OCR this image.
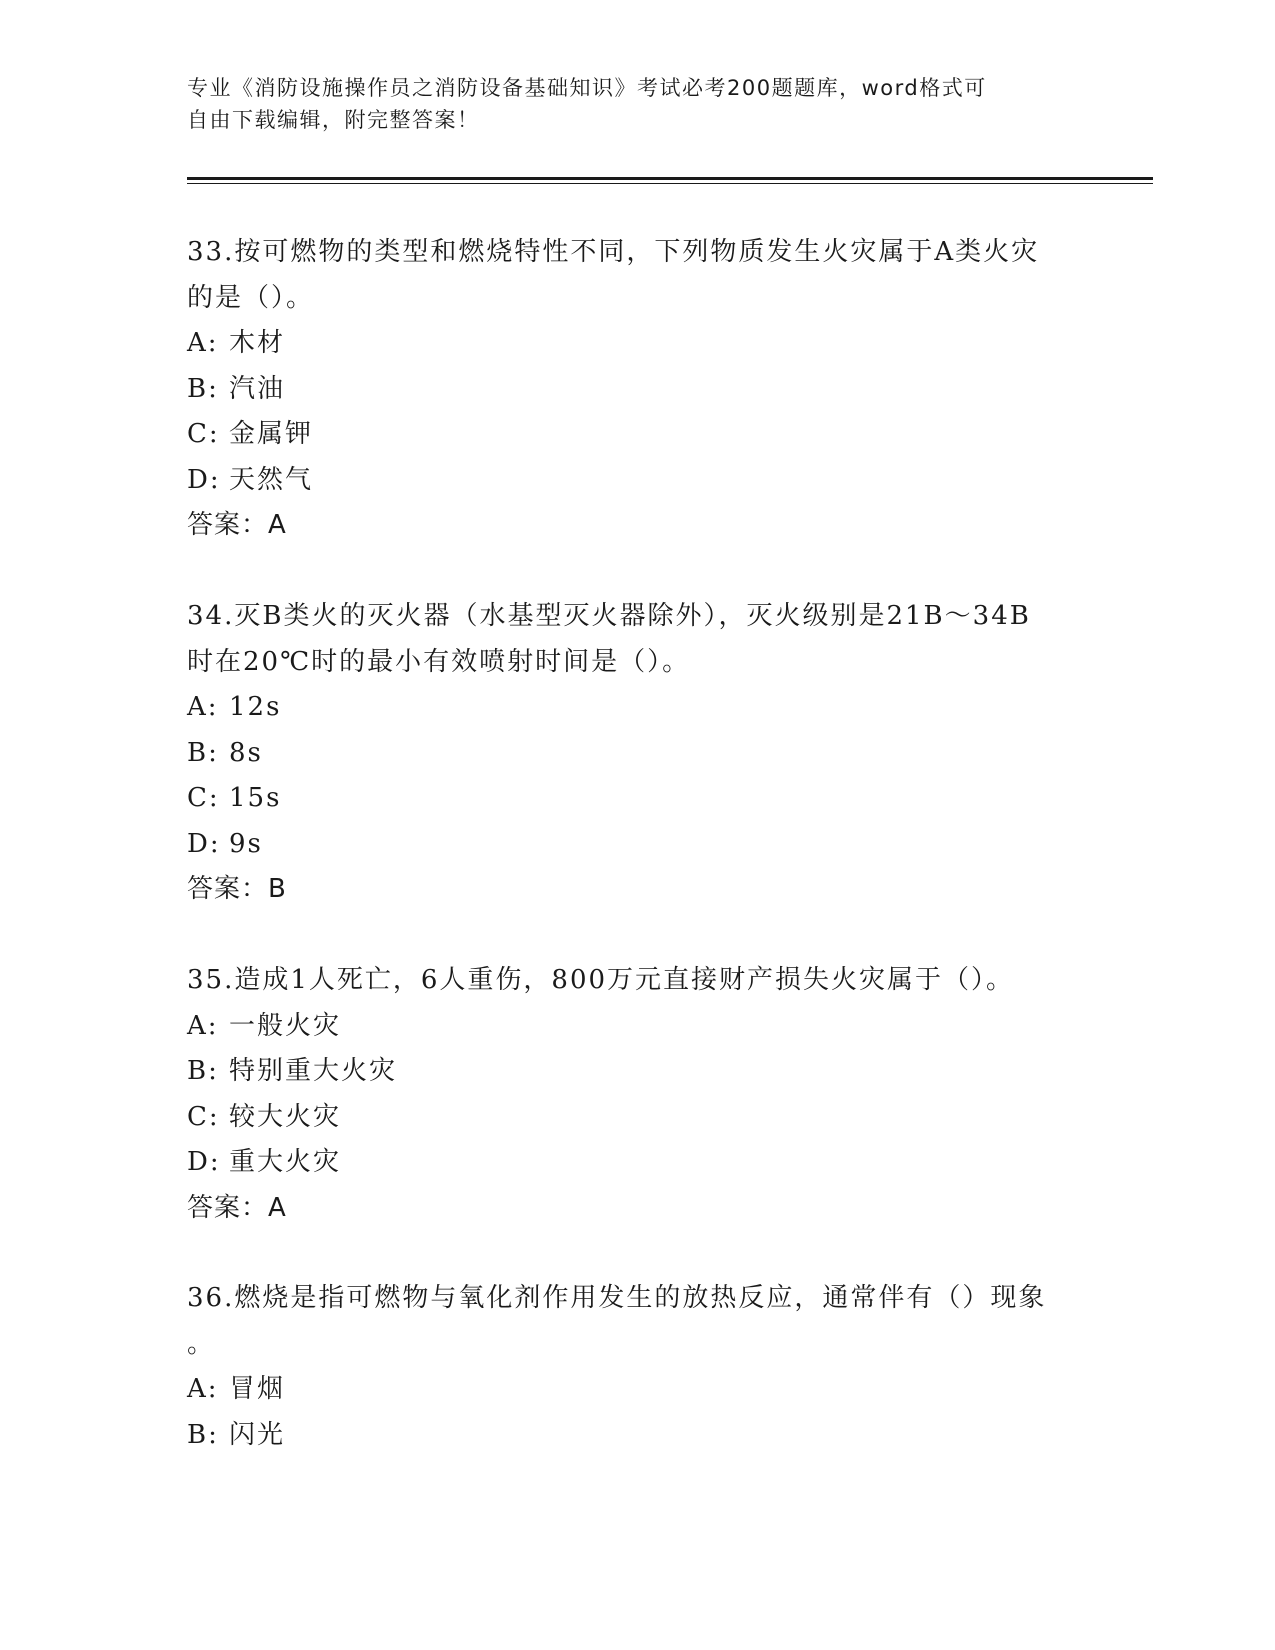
专业《消防设施操作员之消防设备基础知识》考试必考200题题库，word格式可
自由下载编辑，附完整答案！
33.按可燃物的类型和燃烧特性不同，下列物质发生火灾属于A类火灾
的是（）。
A: 木材
B: 汽油
C: 金属钾
D: 天然气
答案：A
34.灭B类火的灭火器（水基型灭火器除外），灭火级别是21B～34B
时在20℃时的最小有效喷射时间是（）。
A: 12s
B: 8s
C: 15s
D: 9s
答案：B
35.造成1人死亡，6人重伤，800万元直接财产损失火灾属于（）。
A: 一般火灾
B: 特别重大火灾
C: 较大火灾
D: 重大火灾
答案：A
36.燃烧是指可燃物与氧化剂作用发生的放热反应，通常伴有（）现象
。
A: 冒烟
B: 闪光
